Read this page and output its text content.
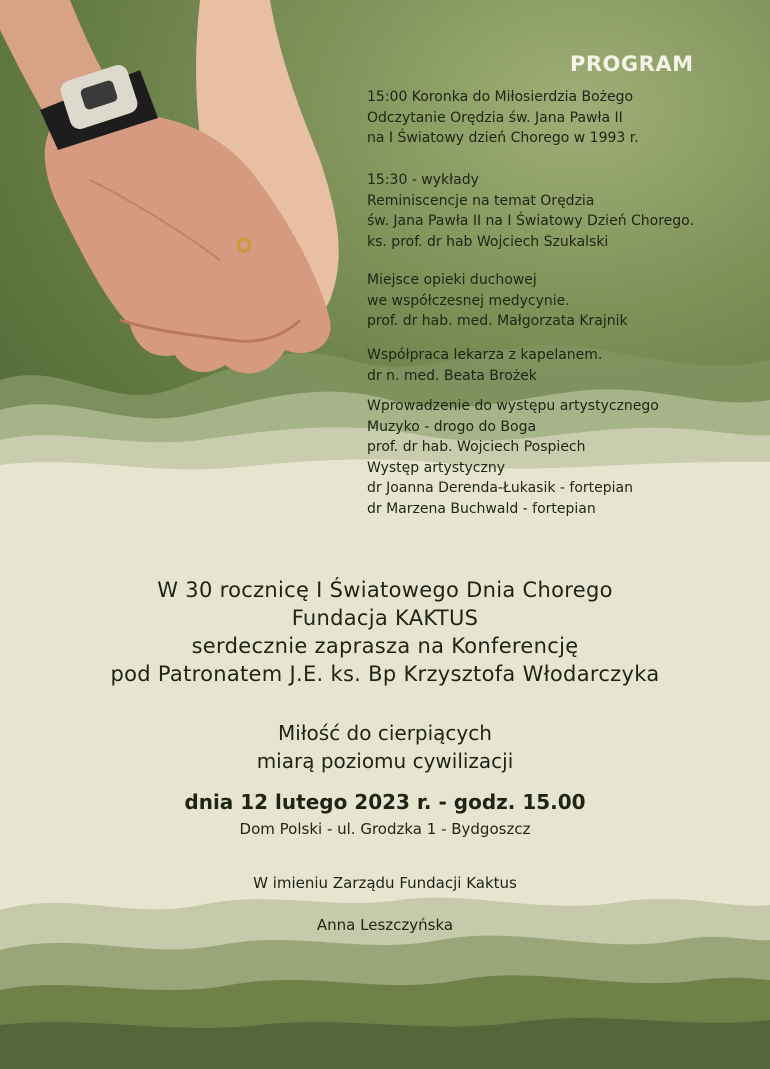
PROGRAM
15:00 Koronka do Miłosierdzia Bożego
Odczytanie Orędzia św. Jana Pawła II
na I Światowy dzień Chorego w 1993 r.
15:30 - wykłady
Reminiscencje na temat Orędzia
św. Jana Pawła II na I Światowy Dzień Chorego.
ks. prof. dr hab Wojciech Szukalski
Miejsce opieki duchowej
we współczesnej medycynie.
prof. dr hab. med. Małgorzata Krajnik
Współpraca lekarza z kapelanem.
dr n. med. Beata Brożek
Wprowadzenie do występu artystycznego
Muzyko - drogo do Boga
prof. dr hab. Wojciech Pospiech
Występ artystyczny
dr Joanna Derenda-Łukasik - fortepian
dr Marzena Buchwald - fortepian
W 30 rocznicę I Światowego Dnia Chorego
Fundacja KAKTUS
serdecznie zaprasza na Konferencję
pod Patronatem J.E. ks. Bp Krzysztofa Włodarczyka
Miłość do cierpiących
miarą poziomu cywilizacji
dnia 12 lutego 2023 r. - godz. 15.00
Dom Polski - ul. Grodzka 1 - Bydgoszcz
W imieniu Zarządu Fundacji Kaktus
Anna Leszczyńska
